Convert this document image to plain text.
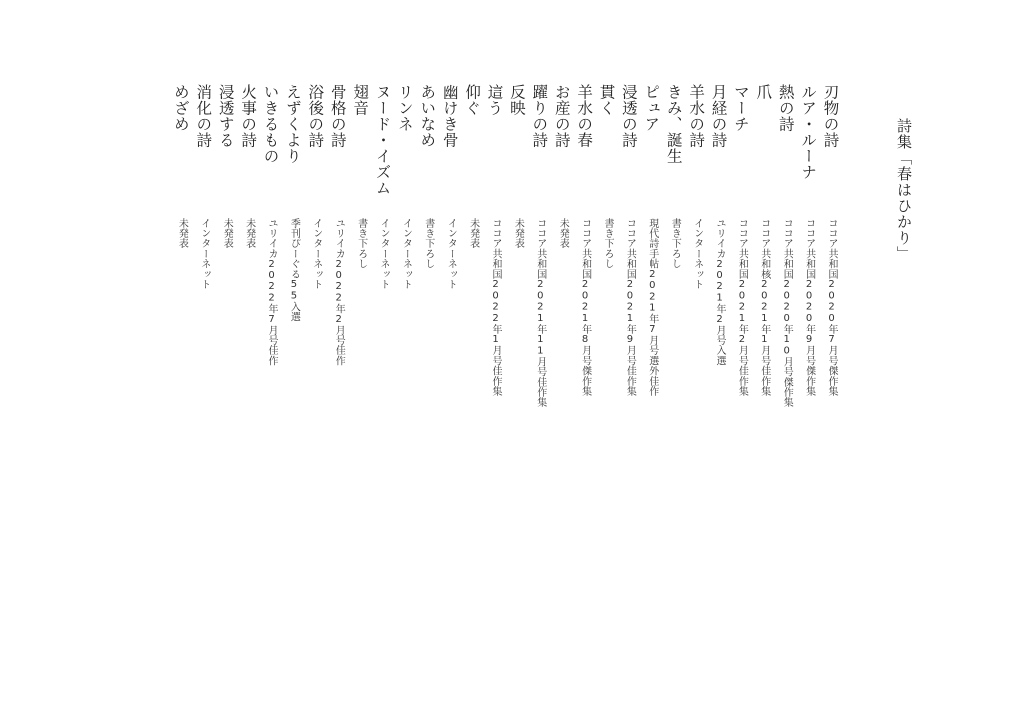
詩集「春はひかり」
刃物の詩
ココア共和国2020年7月号傑作集
ルア・ルーナ
ココア共和国2020年9月号傑作集
熱の詩
ココア共和国2020年10月号傑作集
爪
ココア共和核2021年1月号佳作集
マーチ
ココア共和国2021年2月号佳作集
月経の詩
ユリイカ2021年2月号入選
羊水の詩
インターネット
きみ、誕生
書き下ろし
ピュア
現代詩手帖2021年7月号選外佳作
浸透の詩
ココア共和国2021年9月号佳作集
貫く
書き下ろし
羊水の春
ココア共和国2021年8月号傑作集
お産の詩
未発表
躍りの詩
ココア共和国2021年11月号佳作集
反映
未発表
這う
ココア共和国2022年1月号佳作集
仰ぐ
未発表
幽けき骨
インターネット
あいなめ
書き下ろし
リンネ
インターネット
ヌード・イズム
インターネット
翅音
書き下ろし
骨格の詩
ユリイカ2022年2月号佳作
浴後の詩
インターネット
えずくより
季刊ぴーぐる55入選
いきるもの
ユリイカ2022年7月号佳作
火事の詩
未発表
浸透する
未発表
消化の詩
インターネット
めざめ
未発表
